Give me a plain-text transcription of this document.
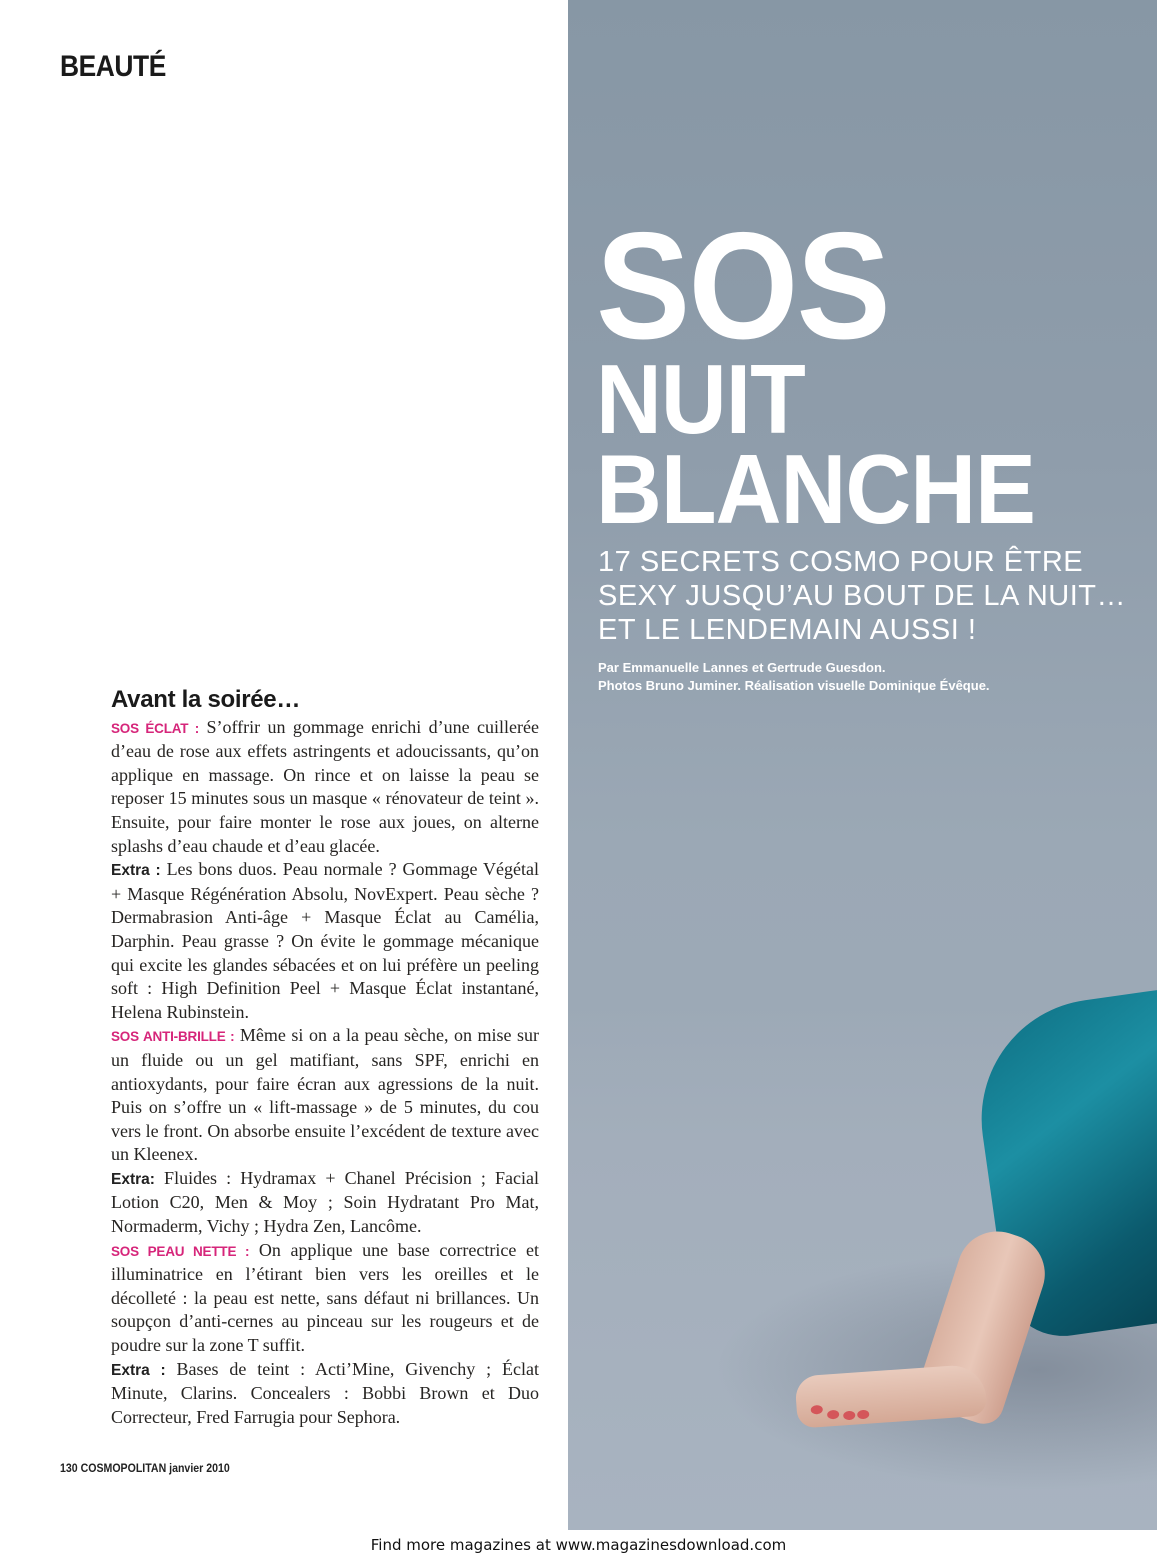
BEAUTÉ
SOS
NUIT
BLANCHE
17 SECRETS COSMO POUR ÊTRE SEXY JUSQU’AU BOUT DE LA NUIT… ET LE LENDEMAIN AUSSI !
Par Emmanuelle Lannes et Gertrude Guesdon.
Photos Bruno Juminer. Réalisation visuelle Dominique Évêque.
Avant la soirée…

SOS ÉCLAT : S’offrir un gommage enrichi d’une cuillerée d’eau de rose aux effets astringents et adoucissants, qu’on applique en massage. On rince et on laisse la peau se reposer 15 minutes sous un masque « rénovateur de teint ». Ensuite, pour faire monter le rose aux joues, on alterne splashs d’eau chaude et d’eau glacée.

Extra : Les bons duos. Peau normale ? Gommage Végétal + Masque Régénération Absolu, NovExpert. Peau sèche ? Dermabrasion Anti-âge + Masque Éclat au Camélia, Darphin. Peau grasse ? On évite le gommage mécanique qui excite les glandes sébacées et on lui préfère un peeling soft : High Definition Peel + Masque Éclat instantané, Helena Rubinstein.

SOS ANTI-BRILLE : Même si on a la peau sèche, on mise sur un fluide ou un gel matifiant, sans SPF, enrichi en antioxydants, pour faire écran aux agressions de la nuit. Puis on s’offre un « lift-massage » de 5 minutes, du cou vers le front. On absorbe ensuite l’excédent de texture avec un Kleenex.

Extra: Fluides : Hydramax + Chanel Précision ; Facial Lotion C20, Men & Moy ; Soin Hydratant Pro Mat, Normaderm, Vichy ; Hydra Zen, Lancôme.

SOS PEAU NETTE : On applique une base correctrice et illuminatrice en l’étirant bien vers les oreilles et le décolleté : la peau est nette, sans défaut ni brillances. Un soupçon d’anti-cernes au pinceau sur les rougeurs et de poudre sur la zone T suffit.

Extra : Bases de teint : Acti’Mine, Givenchy ; Éclat Minute, Clarins. Concealers : Bobbi Brown et Duo Correcteur, Fred Farrugia pour Sephora.

130 COSMOPOLITAN janvier 2010
Find more magazines at www.magazinesdownload.com
